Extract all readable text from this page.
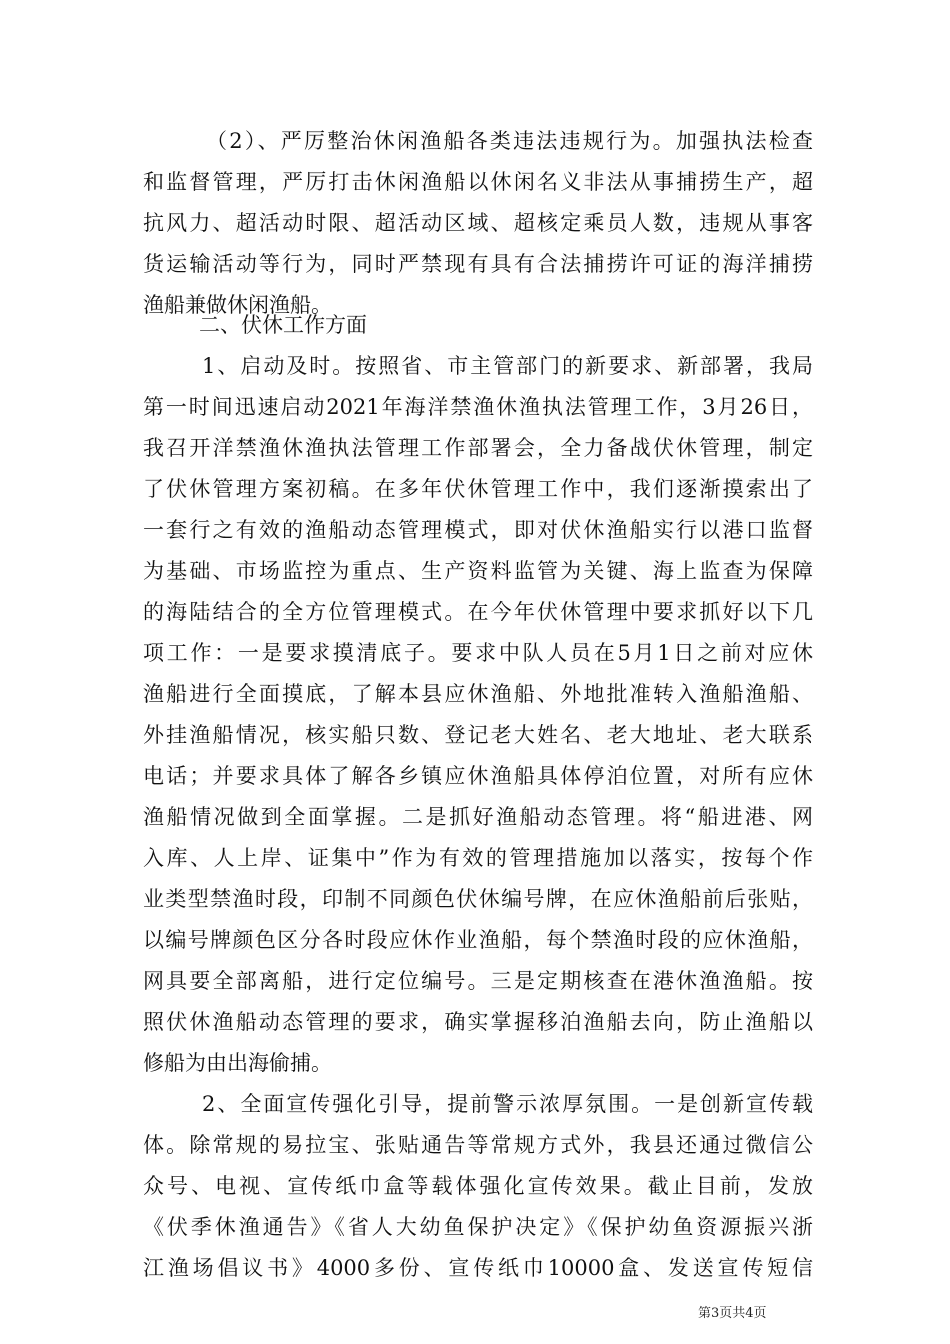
（2）、严厉整治休闲渔船各类违法违规行为。加强执法检查
和监督管理，严厉打击休闲渔船以休闲名义非法从事捕捞生产，超
抗风力、超活动时限、超活动区域、超核定乘员人数，违规从事客
货运输活动等行为，同时严禁现有具有合法捕捞许可证的海洋捕捞
渔船兼做休闲渔船。
二、伏休工作方面
1、启动及时。按照省、市主管部门的新要求、新部署，我局
第一时间迅速启动2021年海洋禁渔休渔执法管理工作，3月26日，
我召开洋禁渔休渔执法管理工作部署会，全力备战伏休管理，制定
了伏休管理方案初稿。在多年伏休管理工作中，我们逐渐摸索出了
一套行之有效的渔船动态管理模式，即对伏休渔船实行以港口监督
为基础、市场监控为重点、生产资料监管为关键、海上监查为保障
的海陆结合的全方位管理模式。在今年伏休管理中要求抓好以下几
项工作：一是要求摸清底子。要求中队人员在5月1日之前对应休
渔船进行全面摸底，了解本县应休渔船、外地批准转入渔船渔船、
外挂渔船情况，核实船只数、登记老大姓名、老大地址、老大联系
电话；并要求具体了解各乡镇应休渔船具体停泊位置，对所有应休
渔船情况做到全面掌握。二是抓好渔船动态管理。将“船进港、网
入库、人上岸、证集中”作为有效的管理措施加以落实，按每个作
业类型禁渔时段，印制不同颜色伏休编号牌，在应休渔船前后张贴，
以编号牌颜色区分各时段应休作业渔船，每个禁渔时段的应休渔船，
网具要全部离船，进行定位编号。三是定期核查在港休渔渔船。按
照伏休渔船动态管理的要求，确实掌握移泊渔船去向，防止渔船以
修船为由出海偷捕。
2、全面宣传强化引导，提前警示浓厚氛围。一是创新宣传载
体。除常规的易拉宝、张贴通告等常规方式外，我县还通过微信公
众号、电视、宣传纸巾盒等载体强化宣传效果。截止目前，发放
《伏季休渔通告》《省人大幼鱼保护决定》《保护幼鱼资源振兴浙
江渔场倡议书》4000多份、宣传纸巾10000盒、发送宣传短信
第3页共4页
